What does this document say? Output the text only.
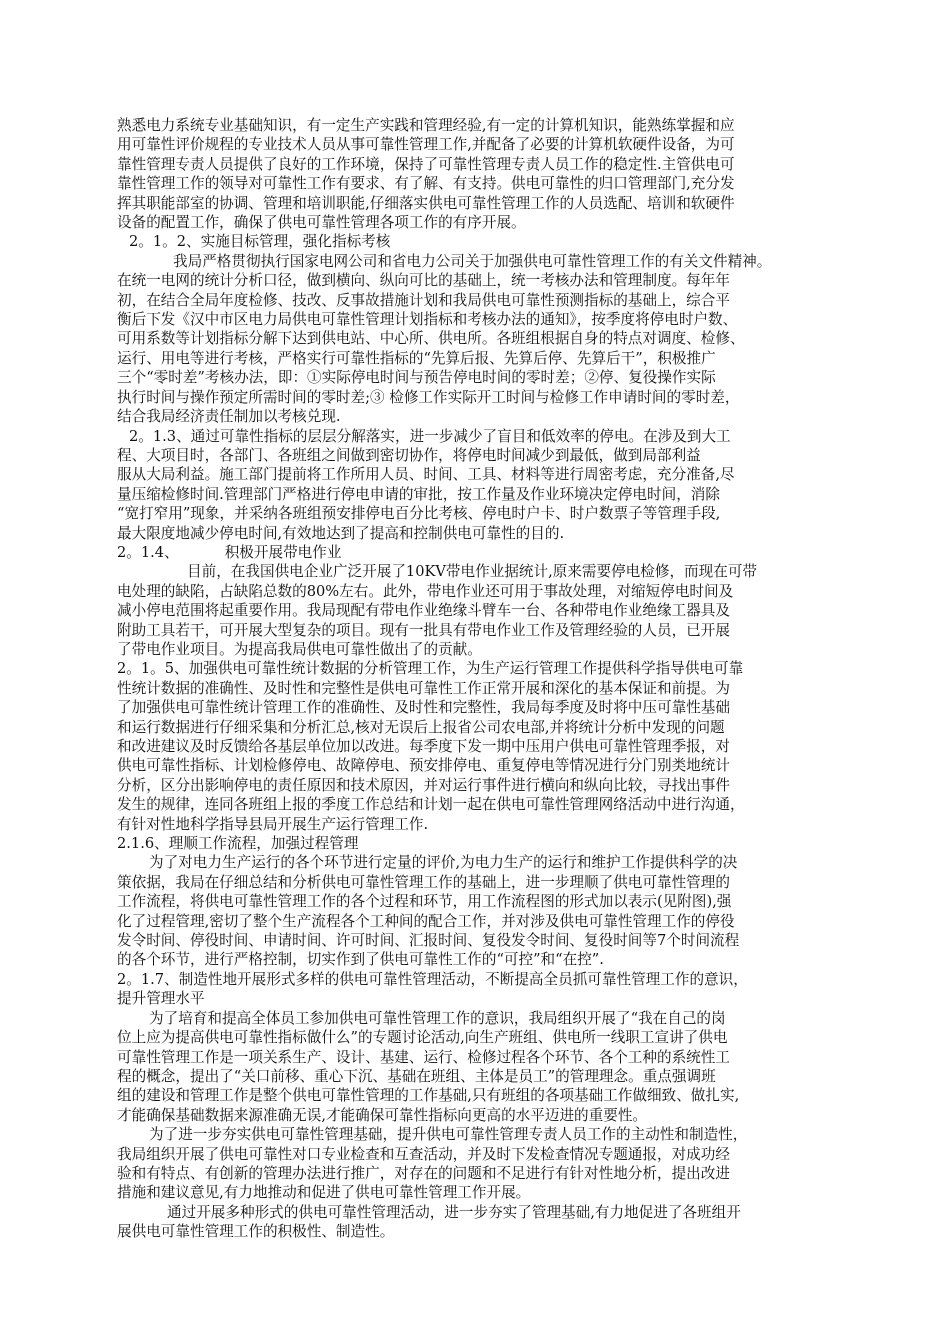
熟悉电力系统专业基础知识，有一定生产实践和管理经验,有一定的计算机知识，能熟练掌握和应
用可靠性评价规程的专业技术人员从事可靠性管理工作,并配备了必要的计算机软硬件设备，为可
靠性管理专责人员提供了良好的工作环境，保持了可靠性管理专责人员工作的稳定性.主管供电可
靠性管理工作的领导对可靠性工作有要求、有了解、有支持。供电可靠性的归口管理部门,充分发
挥其职能部室的协调、管理和培训职能,仔细落实供电可靠性管理工作的人员选配、培训和软硬件
设备的配置工作，确保了供电可靠性管理各项工作的有序开展。
2。1。2、实施目标管理，强化指标考核
我局严格贯彻执行国家电网公司和省电力公司关于加强供电可靠性管理工作的有关文件精神。
在统一电网的统计分析口径，做到横向、纵向可比的基础上，统一考核办法和管理制度。每年年
初，在结合全局年度检修、技改、反事故措施计划和我局供电可靠性预测指标的基础上，综合平
衡后下发《汉中市区电力局供电可靠性管理计划指标和考核办法的通知》，按季度将停电时户数、
可用系数等计划指标分解下达到供电站、中心所、供电所。各班组根据自身的特点对调度、检修、
运行、用电等进行考核，严格实行可靠性指标的“先算后报、先算后停、先算后干”，积极推广
三个“零时差”考核办法，即：①实际停电时间与预告停电时间的零时差；②停、复役操作实际
执行时间与操作预定所需时间的零时差;③ 检修工作实际开工时间与检修工作申请时间的零时差，
结合我局经济责任制加以考核兑现.
2。1.3、通过可靠性指标的层层分解落实，进一步减少了盲目和低效率的停电。在涉及到大工
程、大项目时，各部门、各班组之间做到密切协作，将停电时间减少到最低，做到局部利益
服从大局利益。施工部门提前将工作所用人员、时间、工具、材料等进行周密考虑，充分准备,尽
量压缩检修时间.管理部门严格进行停电申请的审批，按工作量及作业环境决定停电时间，消除
“宽打窄用”现象，并采纳各班组预安排停电百分比考核、停电时户卡、时户数票子等管理手段,
最大限度地减少停电时间,有效地达到了提高和控制供电可靠性的目的.
2。1.4、	积极开展带电作业
目前，在我国供电企业广泛开展了10KV带电作业据统计,原来需要停电检修，而现在可带
电处理的缺陷，占缺陷总数的80%左右。此外，带电作业还可用于事故处理，对缩短停电时间及
减小停电范围将起重要作用。我局现配有带电作业绝缘斗臂车一台、各种带电作业绝缘工器具及
附助工具若干，可开展大型复杂的项目。现有一批具有带电作业工作及管理经验的人员，已开展
了带电作业项目。为提高我局供电可靠性做出了的贡献。
2。1。5、加强供电可靠性统计数据的分析管理工作，为生产运行管理工作提供科学指导供电可靠
性统计数据的准确性、及时性和完整性是供电可靠性工作正常开展和深化的基本保证和前提。为
了加强供电可靠性统计管理工作的准确性、及时性和完整性，我局每季度及时将中压可靠性基础
和运行数据进行仔细采集和分析汇总,核对无误后上报省公司农电部,并将统计分析中发现的问题
和改进建议及时反馈给各基层单位加以改进。每季度下发一期中压用户供电可靠性管理季报，对
供电可靠性指标、计划检修停电、故障停电、预安排停电、重复停电等情况进行分门别类地统计
分析，区分出影响停电的责任原因和技术原因，并对运行事件进行横向和纵向比较，寻找出事件
发生的规律，连同各班组上报的季度工作总结和计划一起在供电可靠性管理网络活动中进行沟通，
有针对性地科学指导县局开展生产运行管理工作.
2.1.6、理顺工作流程，加强过程管理
为了对电力生产运行的各个环节进行定量的评价,为电力生产的运行和维护工作提供科学的决
策依据，我局在仔细总结和分析供电可靠性管理工作的基础上，进一步理顺了供电可靠性管理的
工作流程，将供电可靠性管理工作的各个过程和环节，用工作流程图的形式加以表示(见附图),强
化了过程管理,密切了整个生产流程各个工种间的配合工作，并对涉及供电可靠性管理工作的停役
发令时间、停役时间、申请时间、许可时间、汇报时间、复役发令时间、复役时间等7个时间流程
的各个环节，进行严格控制，切实作到了供电可靠性工作的“可控”和“在控”.
2。1.7、制造性地开展形式多样的供电可靠性管理活动，不断提高全员抓可靠性管理工作的意识，
提升管理水平
为了培育和提高全体员工参加供电可靠性管理工作的意识，我局组织开展了“我在自己的岗
位上应为提高供电可靠性指标做什么”的专题讨论活动,向生产班组、供电所一线职工宣讲了供电
可靠性管理工作是一项关系生产、设计、基建、运行、检修过程各个环节、各个工种的系统性工
程的概念，提出了“关口前移、重心下沉、基础在班组、主体是员工”的管理理念。重点强调班
组的建设和管理工作是整个供电可靠性管理的工作基础,只有班组的各项基础工作做细致、做扎实,
才能确保基础数据来源准确无误,才能确保可靠性指标向更高的水平迈进的重要性。
为了进一步夯实供电可靠性管理基础，提升供电可靠性管理专责人员工作的主动性和制造性，
我局组织开展了供电可靠性对口专业检查和互查活动，并及时下发检查情况专题通报，对成功经
验和有特点、有创新的管理办法进行推广，对存在的问题和不足进行有针对性地分析，提出改进
措施和建议意见,有力地推动和促进了供电可靠性管理工作开展。
通过开展多种形式的供电可靠性管理活动，进一步夯实了管理基础,有力地促进了各班组开
展供电可靠性管理工作的积极性、制造性。
